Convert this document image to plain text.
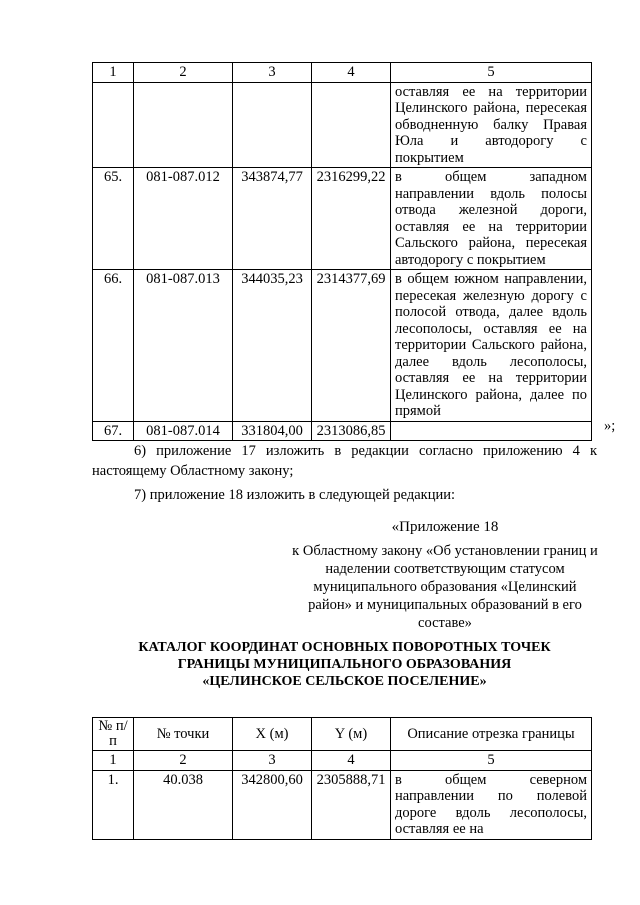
1	2	3	4	5
				оставляя ее на территории Целинского района, пересекая обводненную балку Правая Юла и автодорогу с покрытием
65.	081-087.012	343874,77	2316299,22	в общем западном направлении вдоль полосы отвода железной дороги, оставляя ее на территории Сальского района, пересекая автодорогу с покрытием
66.	081-087.013	344035,23	2314377,69	в общем южном направлении, пересекая железную дорогу с полосой отвода, далее вдоль лесополосы, оставляя ее на территории Сальского района, далее вдоль лесополосы, оставляя ее на территории Целинского района, далее по прямой
67.	081-087.014	331804,00	2313086,85		»;
6) приложение 17 изложить в редакции согласно приложению 4 к настоящему Областному закону;
7) приложение 18 изложить в следующей редакции:
«Приложение 18
к Областному закону «Об установлении границ и наделении соответствующим статусом муниципального образования «Целинский район» и муниципальных образований в его составе»
КАТАЛОГ КООРДИНАТ ОСНОВНЫХ ПОВОРОТНЫХ ТОЧЕК
ГРАНИЦЫ МУНИЦИПАЛЬНОГО ОБРАЗОВАНИЯ
«ЦЕЛИНСКОЕ СЕЛЬСКОЕ ПОСЕЛЕНИЕ»
№ п/п	№ точки	X (м)	Y (м)	Описание отрезка границы
1	2	3	4	5
1.	40.038	342800,60	2305888,71	в общем северном направлении по полевой дороге вдоль лесополосы, оставляя ее на
